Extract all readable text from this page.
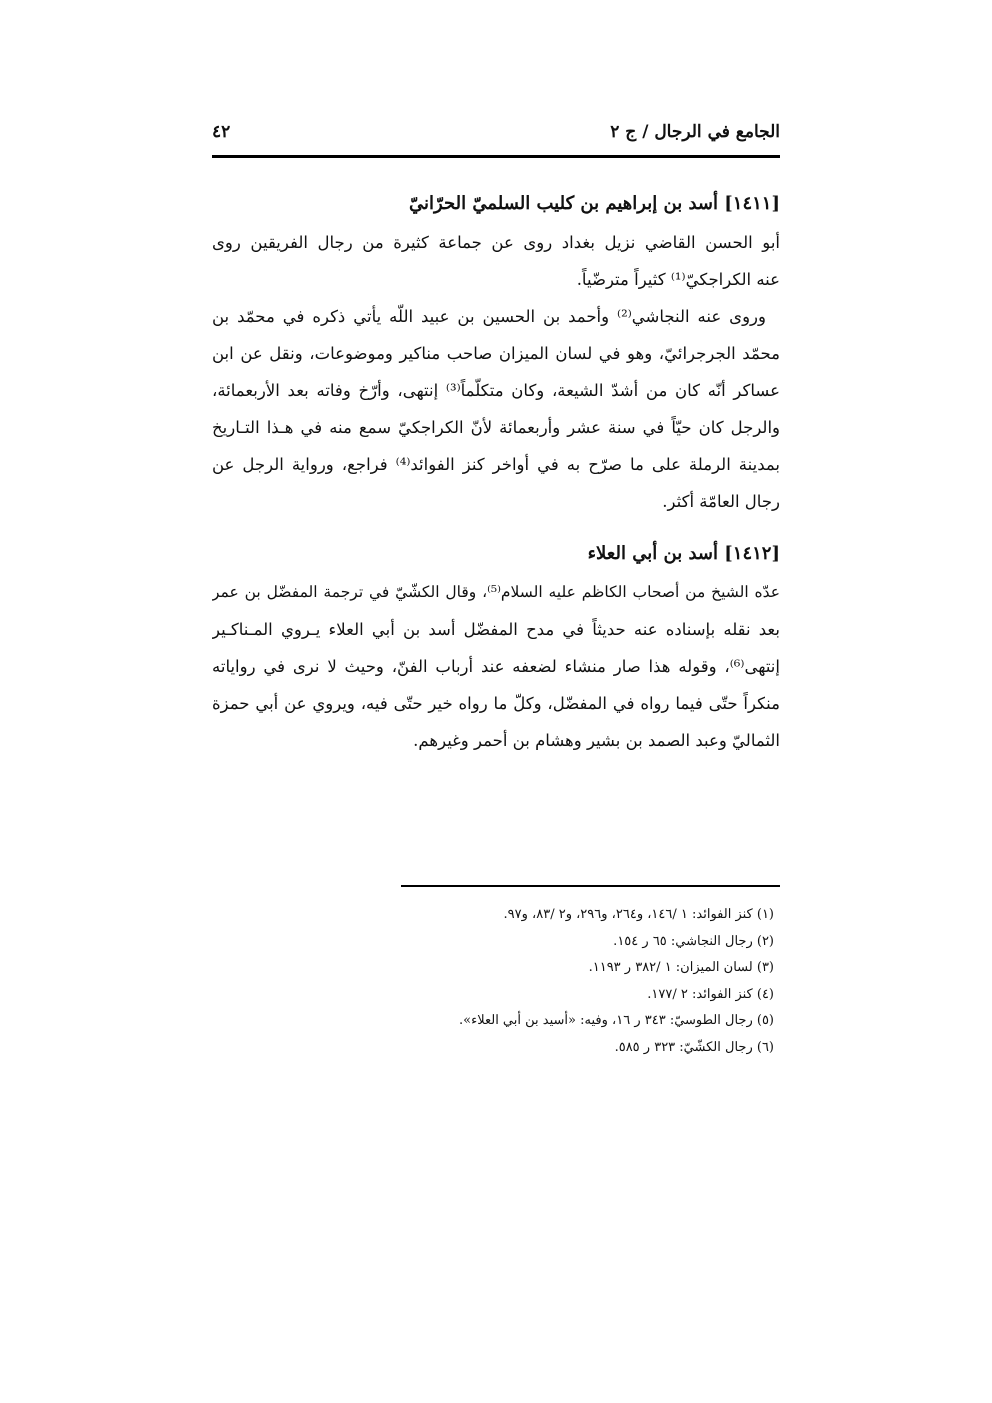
الجامع في الرجال / ج ٢
٤٢
[١٤١١] أسد بن إبراهيم بن كليب السلميّ الحرّانيّ
أبو الحسن القاضي نزيل بغداد روى عن جماعة كثيرة من رجال الفريقين روى
عنه الكراجكيّ⁽¹⁾ كثيراً مترضّياً.
وروى عنه النجاشي⁽²⁾ وأحمد بن الحسين بن عبيد اللّه يأتي ذكره في محمّد بن
محمّد الجرجرائيّ، وهو في لسان الميزان صاحب مناكير وموضوعات، ونقل عن ابن
عساكر أنّه كان من أشدّ الشيعة، وكان متكلّماً⁽³⁾ إنتهى، وأرّخ وفاته بعد الأربعمائة،
والرجل كان حيّاً في سنة عشر وأربعمائة لأنّ الكراجكيّ سمع منه في هـذا التـاريخ
بمدينة الرملة على ما صرّح به في أواخر كنز الفوائد⁽⁴⁾ فراجع، ورواية الرجل عن
رجال العامّة أكثر.
[١٤١٢] أسد بن أبي العلاء
عدّه الشيخ من أصحاب الكاظم عليه السلام⁽⁵⁾، وقال الكشّيّ في ترجمة المفضّل بن عمر
بعد نقله بإسناده عنه حديثاً في مدح المفضّل أسد بن أبي العلاء يـروي المـناكـير
إنتهى⁽⁶⁾، وقوله هذا صار منشاء لضعفه عند أرباب الفنّ، وحيث لا نرى في رواياته
منكراً حتّى فيما رواه في المفضّل، وكلّ ما رواه خير حتّى فيه، ويروي عن أبي حمزة
الثماليّ وعبد الصمد بن بشير وهشام بن أحمر وغيرهم.
(١) كنز الفوائد: ١ /١٤٦، و٢٦٤، و٢٩٦، و٢ /٨٣، و٩٧.
(٢) رجال النجاشي: ٦٥ ر ١٥٤.
(٣) لسان الميزان: ١ /٣٨٢ ر ١١٩٣.
(٤) كنز الفوائد: ٢ /١٧٧.
(٥) رجال الطوسيّ: ٣٤٣ ر ١٦، وفيه: «أسيد بن أبي العلاء».
(٦) رجال الكشّيّ: ٣٢٣ ر ٥٨٥.
